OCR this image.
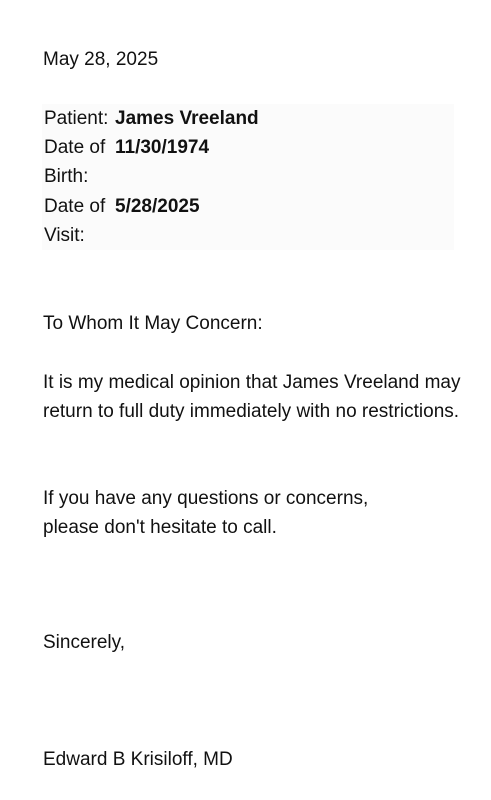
May 28, 2025
Patient:	James Vreeland
Date of Birth:	11/30/1974
Date of Visit:	5/28/2025
To Whom It May Concern:
It is my medical opinion that James Vreeland may return to full duty immediately with no restrictions.
If you have any questions or concerns, please don't hesitate to call.
Sincerely,
Edward B Krisiloff, MD
